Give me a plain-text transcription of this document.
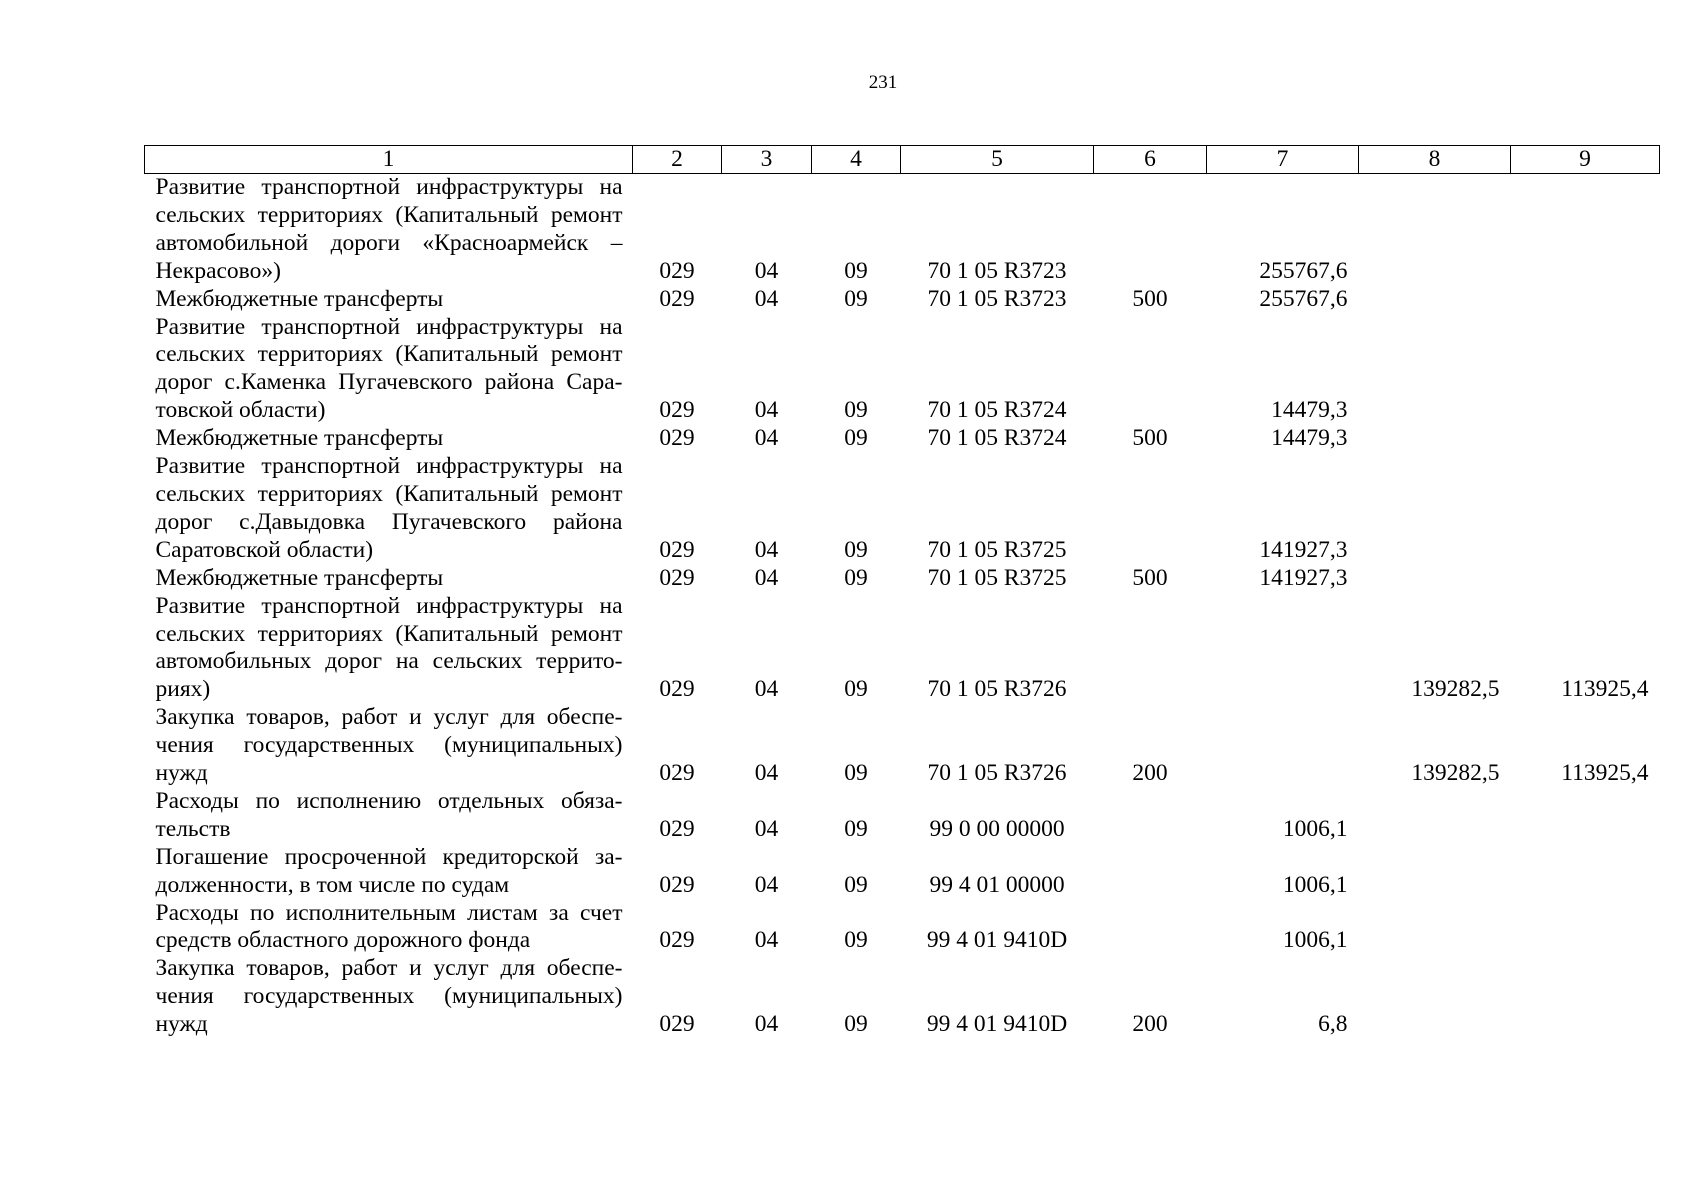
231
1	2	3	4	5	6	7	8	9
Развитие транспортной инфраструктуры на сельских территориях (Капитальный ремонт автомобильной дороги «Красноармейск – Некрасово»)	029	04	09	70 1 05 R3723		255767,6		
Межбюджетные трансферты	029	04	09	70 1 05 R3723	500	255767,6		
Развитие транспортной инфраструктуры на сельских территориях (Капитальный ремонт дорог с.Каменка Пугачевского района Саратовской области)	029	04	09	70 1 05 R3724		14479,3		
Межбюджетные трансферты	029	04	09	70 1 05 R3724	500	14479,3		
Развитие транспортной инфраструктуры на сельских территориях (Капитальный ремонт дорог с.Давыдовка Пугачевского района Саратовской области)	029	04	09	70 1 05 R3725		141927,3		
Межбюджетные трансферты	029	04	09	70 1 05 R3725	500	141927,3		
Развитие транспортной инфраструктуры на сельских территориях (Капитальный ремонт автомобильных дорог на сельских территориях)	029	04	09	70 1 05 R3726			139282,5	113925,4
Закупка товаров, работ и услуг для обеспечения государственных (муниципальных) нужд	029	04	09	70 1 05 R3726	200		139282,5	113925,4
Расходы по исполнению отдельных обязательств	029	04	09	99 0 00 00000		1006,1		
Погашение просроченной кредиторской задолженности, в том числе по судам	029	04	09	99 4 01 00000		1006,1		
Расходы по исполнительным листам за счет средств областного дорожного фонда	029	04	09	99 4 01 9410D		1006,1		
Закупка товаров, работ и услуг для обеспечения государственных (муниципальных) нужд	029	04	09	99 4 01 9410D	200	6,8		
